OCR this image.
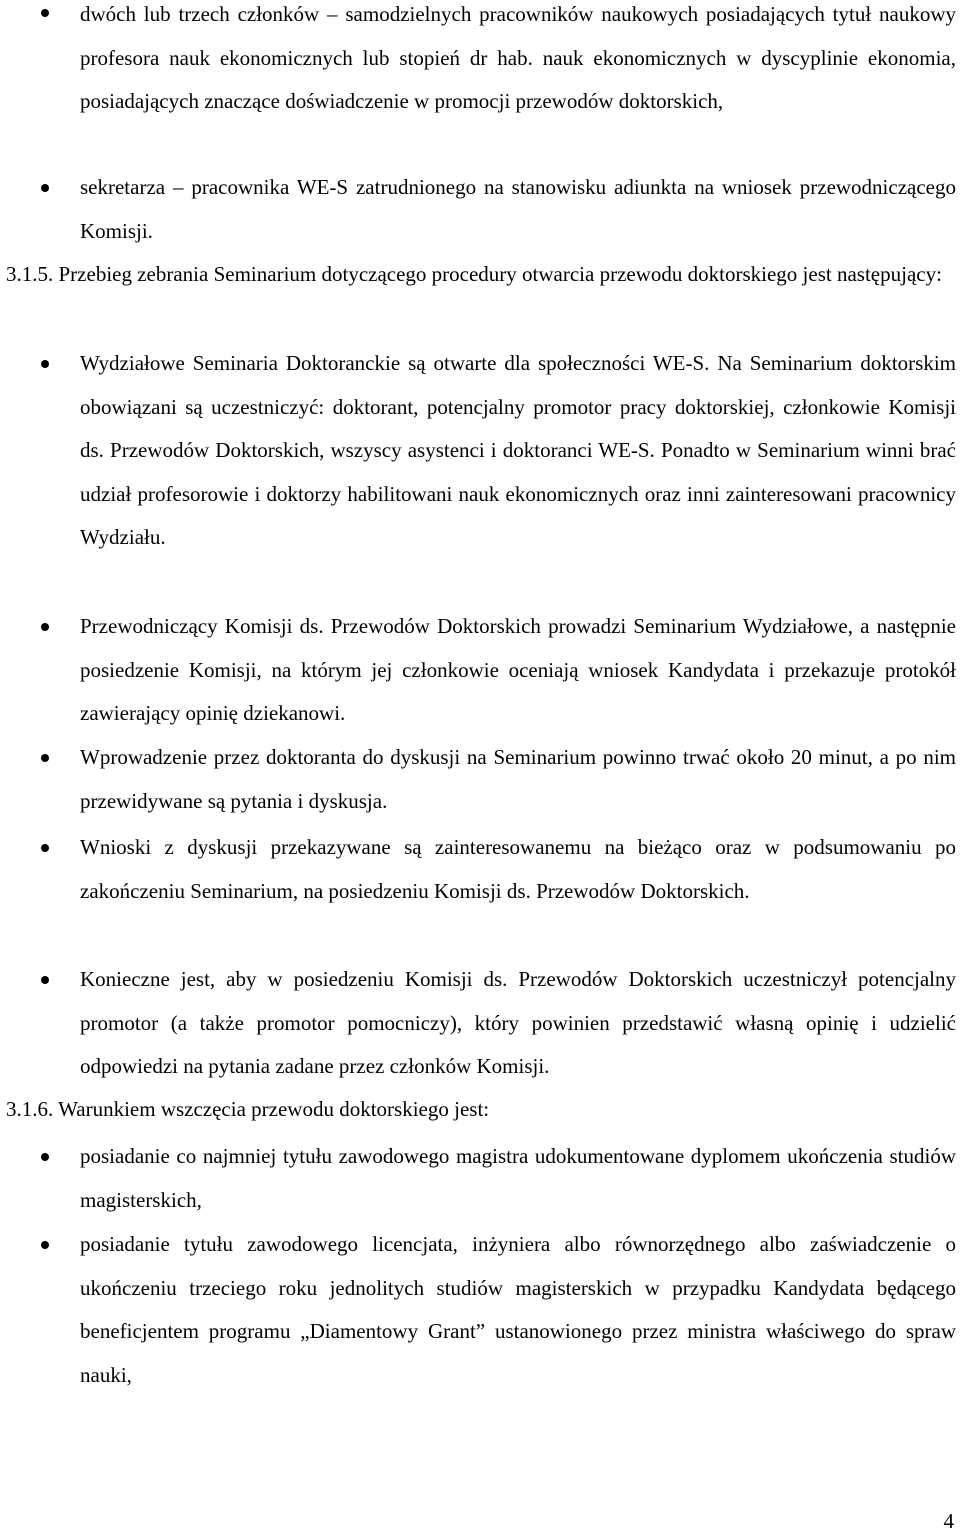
dwóch lub trzech członków – samodzielnych pracowników naukowych posiadających tytuł naukowy profesora nauk ekonomicznych lub stopień dr hab. nauk ekonomicznych w dyscyplinie ekonomia, posiadających znaczące doświadczenie w promocji przewodów doktorskich,
sekretarza – pracownika WE-S zatrudnionego na stanowisku adiunkta na wniosek przewodniczącego Komisji.
3.1.5. Przebieg zebrania Seminarium dotyczącego procedury otwarcia przewodu doktorskiego jest następujący:
Wydziałowe Seminaria Doktoranckie są otwarte dla społeczności WE-S. Na Seminarium doktorskim obowiązani są uczestniczyć: doktorant, potencjalny promotor pracy doktorskiej, członkowie Komisji ds. Przewodów Doktorskich, wszyscy asystenci i doktoranci WE-S. Ponadto w Seminarium winni brać udział profesorowie i doktorzy habilitowani nauk ekonomicznych oraz inni zainteresowani pracownicy Wydziału.
Przewodniczący Komisji ds. Przewodów Doktorskich prowadzi Seminarium Wydziałowe, a następnie posiedzenie Komisji, na którym jej członkowie oceniają wniosek Kandydata i przekazuje protokół zawierający opinię dziekanowi.
Wprowadzenie przez doktoranta do dyskusji na Seminarium powinno trwać około 20 minut, a po nim przewidywane są pytania i dyskusja.
Wnioski z dyskusji przekazywane są zainteresowanemu na bieżąco oraz w podsumowaniu po zakończeniu Seminarium, na posiedzeniu Komisji ds. Przewodów Doktorskich.
Konieczne jest, aby w posiedzeniu Komisji ds. Przewodów Doktorskich uczestniczył potencjalny promotor (a także promotor pomocniczy), który powinien przedstawić własną opinię i udzielić odpowiedzi na pytania zadane przez członków Komisji.
3.1.6. Warunkiem wszczęcia przewodu doktorskiego jest:
posiadanie co najmniej tytułu zawodowego magistra udokumentowane dyplomem ukończenia studiów magisterskich,
posiadanie tytułu zawodowego licencjata, inżyniera albo równorzędnego albo zaświadczenie o ukończeniu trzeciego roku jednolitych studiów magisterskich w przypadku Kandydata będącego beneficjentem programu „Diamentowy Grant” ustanowionego przez ministra właściwego do spraw nauki,
4
